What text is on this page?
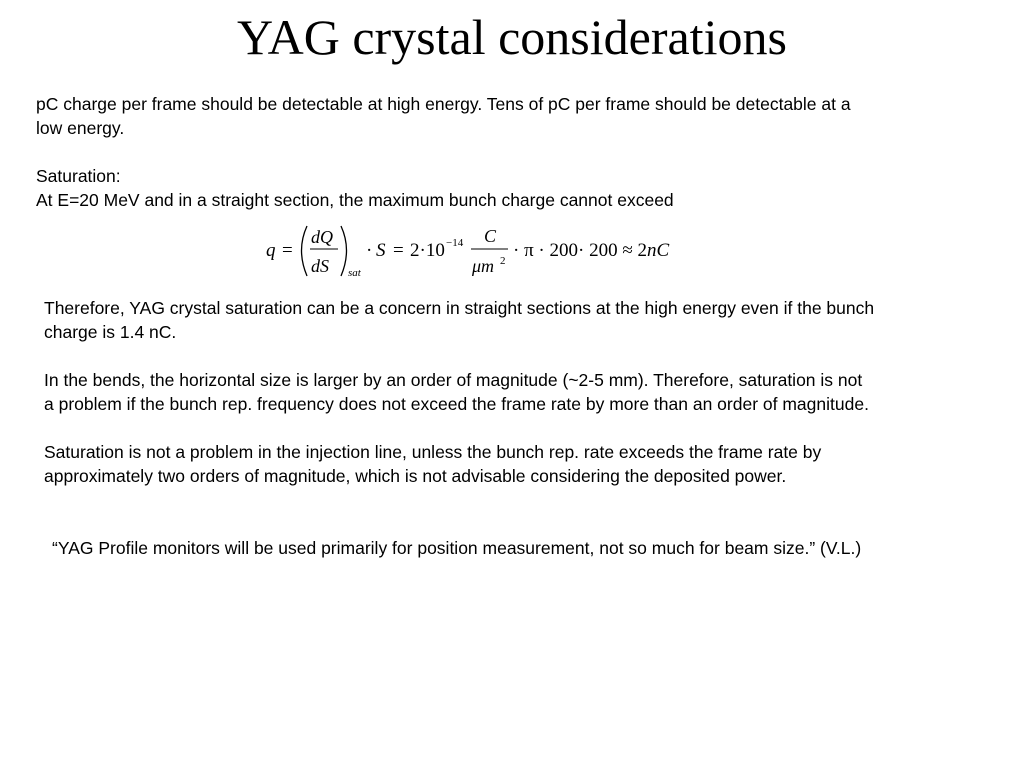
YAG crystal considerations

pC charge per frame should be detectable at high energy. Tens of pC per frame should be detectable at a
low energy.

Saturation:
At E=20 MeV and in a straight section, the maximum bunch charge cannot exceed

q =
dQ
dS sat
· S = 2·10 −14 C
μm 2 · π · 200· 200 ≈ 2 nC

Therefore, YAG crystal saturation can be a concern in straight sections at the high energy even if the bunch
charge is 1.4 nC.

In the bends, the horizontal size is larger by an order of magnitude (~2-5 mm). Therefore, saturation is not
a problem if the bunch rep. frequency does not exceed the frame rate by more than an order of magnitude.

Saturation is not a problem in the injection line, unless the bunch rep. rate exceeds the frame rate by
approximately two orders of magnitude, which is not advisable considering the deposited power.

“YAG Profile monitors will be used primarily for position measurement, not so much for beam size.” (V.L.)
